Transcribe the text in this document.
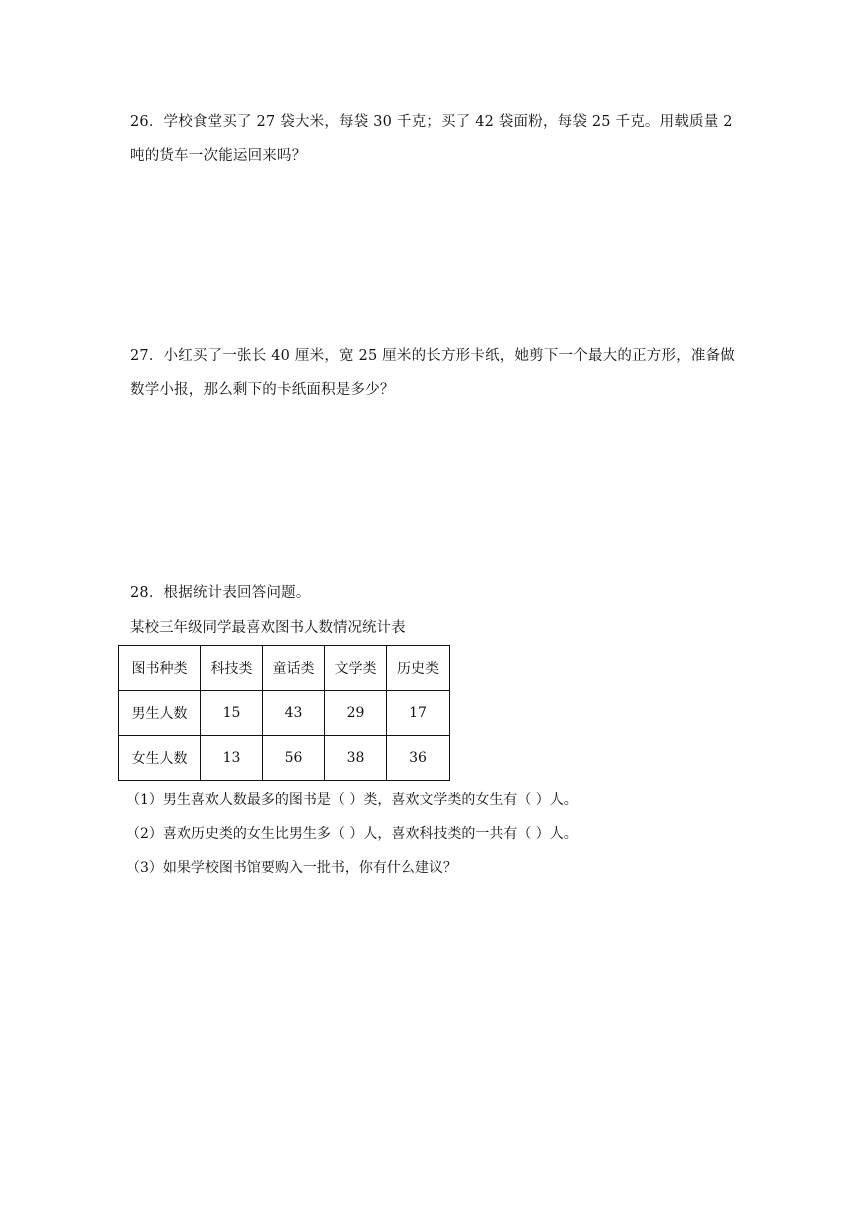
26．学校食堂买了 27 袋大米，每袋 30 千克；买了 42 袋面粉，每袋 25 千克。用载质量 2
吨的货车一次能运回来吗？
27．小红买了一张长 40 厘米，宽 25 厘米的长方形卡纸，她剪下一个最大的正方形，准备做
数学小报，那么剩下的卡纸面积是多少？
28．根据统计表回答问题。
某校三年级同学最喜欢图书人数情况统计表
图书种类	科技类	童话类	文学类	历史类
男生人数	15	43	29	17
女生人数	13	56	38	36
（1）男生喜欢人数最多的图书是（ ）类，喜欢文学类的女生有（ ）人。
（2）喜欢历史类的女生比男生多（ ）人，喜欢科技类的一共有（ ）人。
（3）如果学校图书馆要购入一批书，你有什么建议？
